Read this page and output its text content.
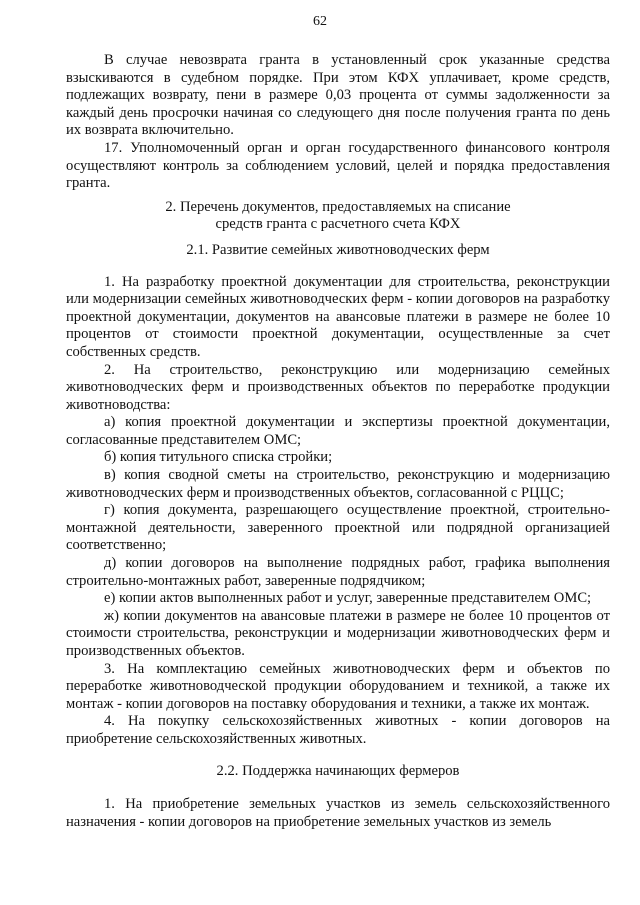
62

В случае невозврата гранта в установленный срок указанные средства взыскиваются в судебном порядке. При этом КФХ уплачивает, кроме средств, подлежащих возврату, пени в размере 0,03 процента от суммы задолженности за каждый день просрочки начиная со следующего дня после получения гранта по день их возврата включительно.

17. Уполномоченный орган и орган государственного финансового контроля осуществляют контроль за соблюдением условий, целей и порядка предоставления гранта.

2. Перечень документов, предоставляемых на списание

средств гранта с расчетного счета КФХ

2.1. Развитие семейных животноводческих ферм

1. На разработку проектной документации для строительства, реконструкции или модернизации семейных животноводческих ферм - копии договоров на разработку проектной документации, документов на авансовые платежи в размере не более 10 процентов от стоимости проектной документации, осуществленные за счет собственных средств.

2. На строительство, реконструкцию или модернизацию семейных животноводческих ферм и производственных объектов по переработке продукции животноводства:

а) копия проектной документации и экспертизы проектной документации, согласованные представителем ОМС;

б) копия титульного списка стройки;

в) копия сводной сметы на строительство, реконструкцию и модернизацию животноводческих ферм и производственных объектов, согласованной с РЦЦС;

г) копия документа, разрешающего осуществление проектной, строительно-монтажной деятельности, заверенного проектной или подрядной организацией соответственно;

д) копии договоров на выполнение подрядных работ, графика выполнения строительно-монтажных работ, заверенные подрядчиком;

е) копии актов выполненных работ и услуг, заверенные представителем ОМС;

ж) копии документов на авансовые платежи в размере не более 10 процентов от стоимости строительства, реконструкции и модернизации животноводческих ферм и производственных объектов.

3. На комплектацию семейных животноводческих ферм и объектов по переработке животноводческой продукции оборудованием и техникой, а также их монтаж - копии договоров на поставку оборудования и техники, а также их монтаж.

4. На покупку сельскохозяйственных животных - копии договоров на приобретение сельскохозяйственных животных.

2.2. Поддержка начинающих фермеров

1. На приобретение земельных участков из земель сельскохозяйственного назначения - копии договоров на приобретение земельных участков из земель
